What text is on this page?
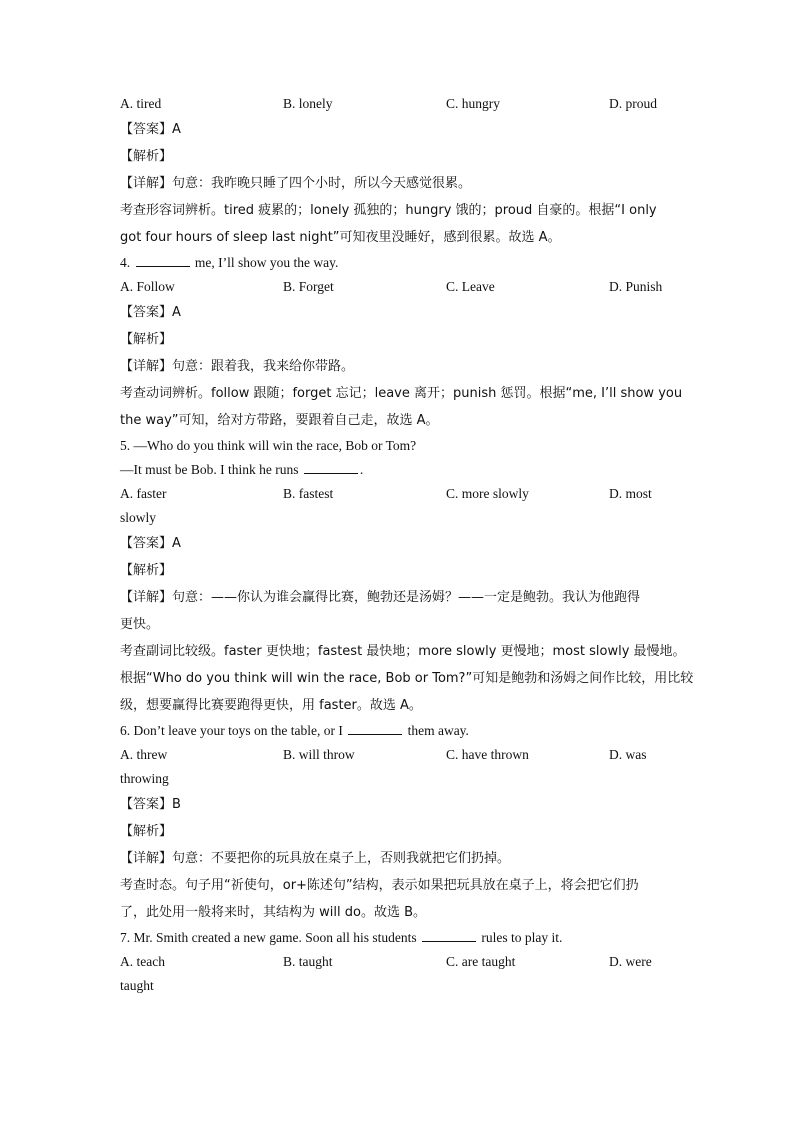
A. tired	B. lonely	C. hungry	D. proud
【答案】A
【解析】
【详解】句意：我昨晚只睡了四个小时，所以今天感觉很累。
考查形容词辨析。tired 疲累的；lonely 孤独的；hungry 饿的；proud 自豪的。根据“I only
got four hours of sleep last night”可知夜里没睡好，感到很累。故选 A。
4.	me, I’ll show you the way.
A. Follow	B. Forget	C. Leave	D. Punish
【答案】A
【解析】
【详解】句意：跟着我，我来给你带路。
考查动词辨析。follow 跟随；forget 忘记；leave 离开；punish 惩罚。根据“me, I’ll show you
the way”可知，给对方带路，要跟着自己走，故选 A。
5. —Who do you think will win the race, Bob or Tom?
—It must be Bob. I think he runs	.
A. faster	B. fastest	C. more slowly	D. most
slowly
【答案】A
【解析】
【详解】句意：——你认为谁会赢得比赛，鲍勃还是汤姆？——一定是鲍勃。我认为他跑得
更快。
考查副词比较级。faster 更快地；fastest 最快地；more slowly 更慢地；most slowly 最慢地。
根据“Who do you think will win the race, Bob or Tom?”可知是鲍勃和汤姆之间作比较，用比较
级，想要赢得比赛要跑得更快，用 faster。故选 A。
6. Don’t leave your toys on the table, or I	them away.
A. threw	B. will throw	C. have thrown	D. was
throwing
【答案】B
【解析】
【详解】句意：不要把你的玩具放在桌子上，否则我就把它们扔掉。
考查时态。句子用“祈使句，or+陈述句”结构，表示如果把玩具放在桌子上，将会把它们扔
了，此处用一般将来时，其结构为 will do。故选 B。
7. Mr. Smith created a new game. Soon all his students	rules to play it.
A. teach	B. taught	C. are taught	D. were
taught
